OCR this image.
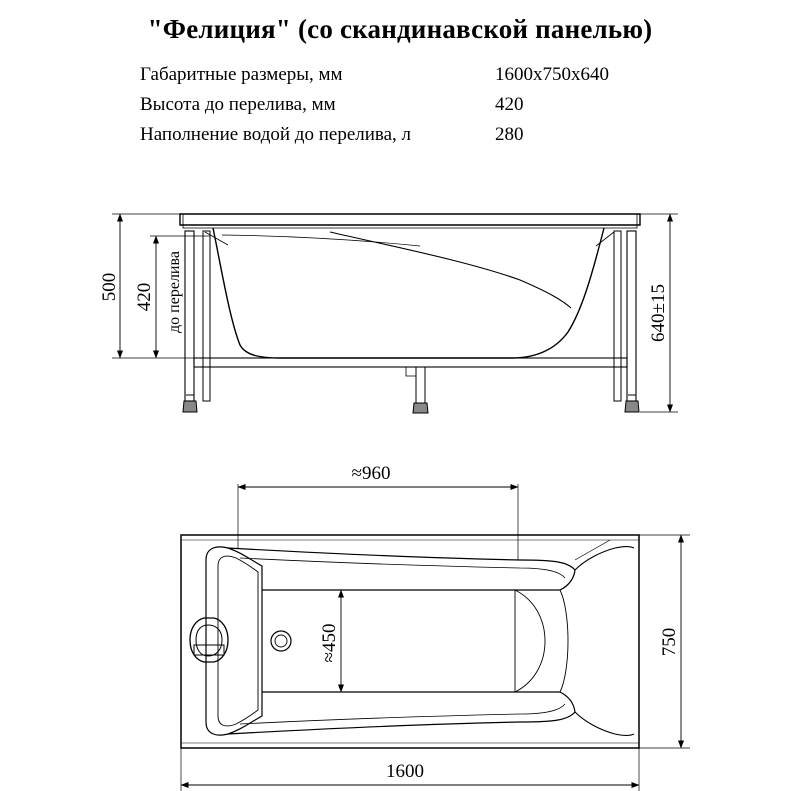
"Фелиция" (со скандинавской панелью)
Габаритные размеры, мм	1600x750x640
Высота до перелива, мм	420
Наполнение водой до перелива, л	280
500 420 до перелива	640±15
≈960
≈450	750
1600
